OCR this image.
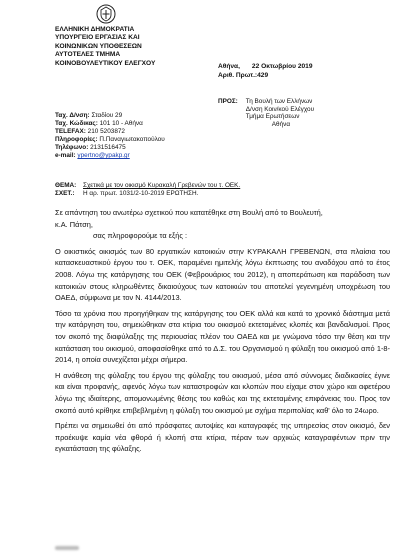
ΕΛΛΗΝΙΚΗ ΔΗΜΟΚΡΑΤΙΑ
ΥΠΟΥΡΓΕΙΟ ΕΡΓΑΣΙΑΣ ΚΑΙ
ΚΟΙΝΩΝΙΚΩΝ ΥΠΟΘΕΣΕΩΝ
ΑΥΤΟΤΕΛΕΣ ΤΜΗΜΑ
ΚΟΙΝΟΒΟΥΛΕΥΤΙΚΟΥ ΕΛΕΓΧΟΥ
Ταχ. Δ/νση: Σταδίου 29
Ταχ. Κώδικας: 101 10 - Αθήνα
TELEFAX: 210 5203872
Πληροφορίες: Π.Παναγιωτακοπούλου
Τηλέφωνο: 2131516475
e-mail: ypertno@ypakp.gr
Αθήνα, 22 Οκτωβρίου 2019
Αριθ. Πρωτ.:429
ΠΡΟΣ: Τη Βουλή των Ελλήνων
Δ/νση Κοιν/κού Ελέγχου
Τμήμα Ερωτήσεων
Αθήνα
ΘΕΜΑ: Σχετικά με τον οικισμό Κυρακαλή Γρεβενών του τ. ΟΕΚ.
ΣΧΕΤ.: Η αρ. πρωτ. 1031/2-10-2019 ΕΡΩΤΗΣΗ.

Σε απάντηση του ανωτέρω σχετικού που κατατέθηκε στη Βουλή από το Βουλευτή,

κ.Α. Πάτση,

σας πληροφορούμε τα εξής :

Ο οικιστικός οικισμός των 80 εργατικών κατοικιών στην ΚΥΡΑΚΑΛΗ ΓΡΕΒΕΝΩΝ, στα πλαίσια του κατασκευαστικού έργου του τ. ΟΕΚ, παραμένει ημιτελής λόγω έκπτωσης του αναδόχου από το έτος 2008. Λόγω της κατάργησης του ΟΕΚ (Φεβρουάριος του 2012), η αποπεράτωση και παράδοση των κατοικιών στους κληρωθέντες δικαιούχους των κατοικιών του αποτελεί γεγενημένη υποχρέωση του ΟΑΕΔ, σύμφωνα με τον Ν. 4144/2013.

Τόσο τα χρόνια που προηγήθηκαν της κατάργησης του ΟΕΚ αλλά και κατά το χρονικό διάστημα μετά την κατάργηση του, σημειώθηκαν στα κτίρια του οικισμού εκτεταμένες κλοπές και βανδαλισμοί. Προς τον σκοπό της διαφύλαξης της περιουσίας πλέον του ΟΑΕΔ και με γνώμονα τόσο την θέση και την κατάσταση του οικισμού, αποφασίσθηκε από το Δ.Σ. του Οργανισμού η φύλαξη του οικισμού από 1-8-2014, η οποία συνεχίζεται μέχρι σήμερα.

Η ανάθεση της φύλαξης του έργου της φύλαξης του οικισμού, μέσα από σύννομες διαδικασίες έγινε και είναι προφανής, αφενός λόγω των καταστροφών και κλοπών που είχαμε στον χώρο και αφετέρου λόγω της ιδιαίτερης, απομονωμένης θέσης του καθώς και της εκτεταμένης επιφάνειας του. Προς τον σκοπό αυτό κρίθηκε επιβεβλημένη η φύλαξη του οικισμού με σχήμα περιπολίας καθ' όλο το 24ωρο.

Πρέπει να σημειωθεί ότι από πρόσφατες αυτοψίες και καταγραφές της υπηρεσίας στον οικισμό, δεν προέκυψε καμία νέα φθορά ή κλοπή στα κτίρια, πέραν των αρχικώς καταγραφέντων πριν την εγκατάσταση της φύλαξης.
